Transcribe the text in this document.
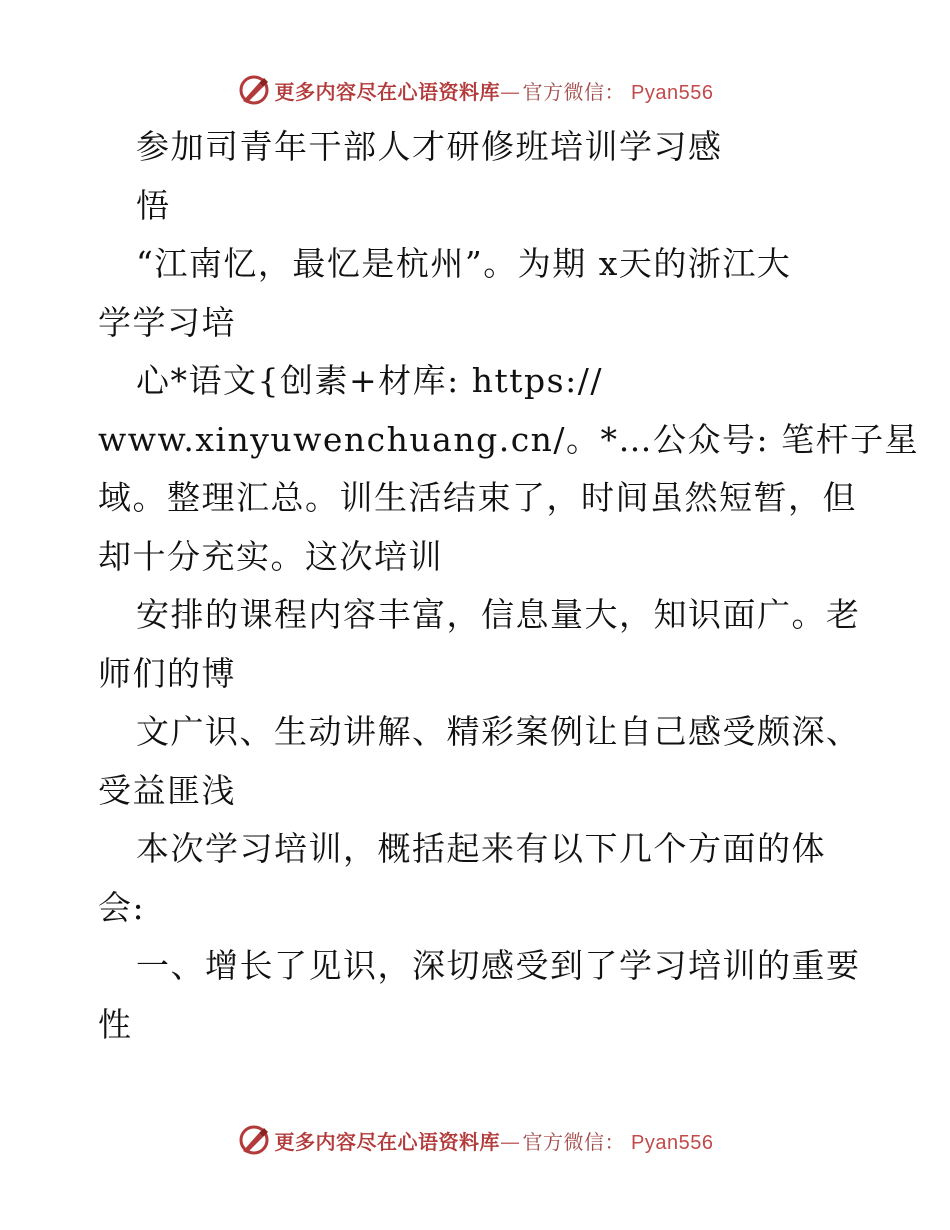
更多内容尽在心语资料库— 官方微信： Pyan556

参加司青年干部人才研修班培训学习感

悟

“江南忆，最忆是杭州”。为期 x天的浙江大

学学习培

心*语文{创素+材库: https://

www.xinyuwenchuang.cn/。*…公众号: 笔杆子星

域。整理汇总。训生活结束了，时间虽然短暂，但

却十分充实。这次培训

安排的课程内容丰富，信息量大，知识面广。老

师们的博

文广识、生动讲解、精彩案例让自己感受颇深、

受益匪浅

本次学习培训，概括起来有以下几个方面的体

会:

一、增长了见识，深切感受到了学习培训的重要

性

更多内容尽在心语资料库— 官方微信： Pyan556
